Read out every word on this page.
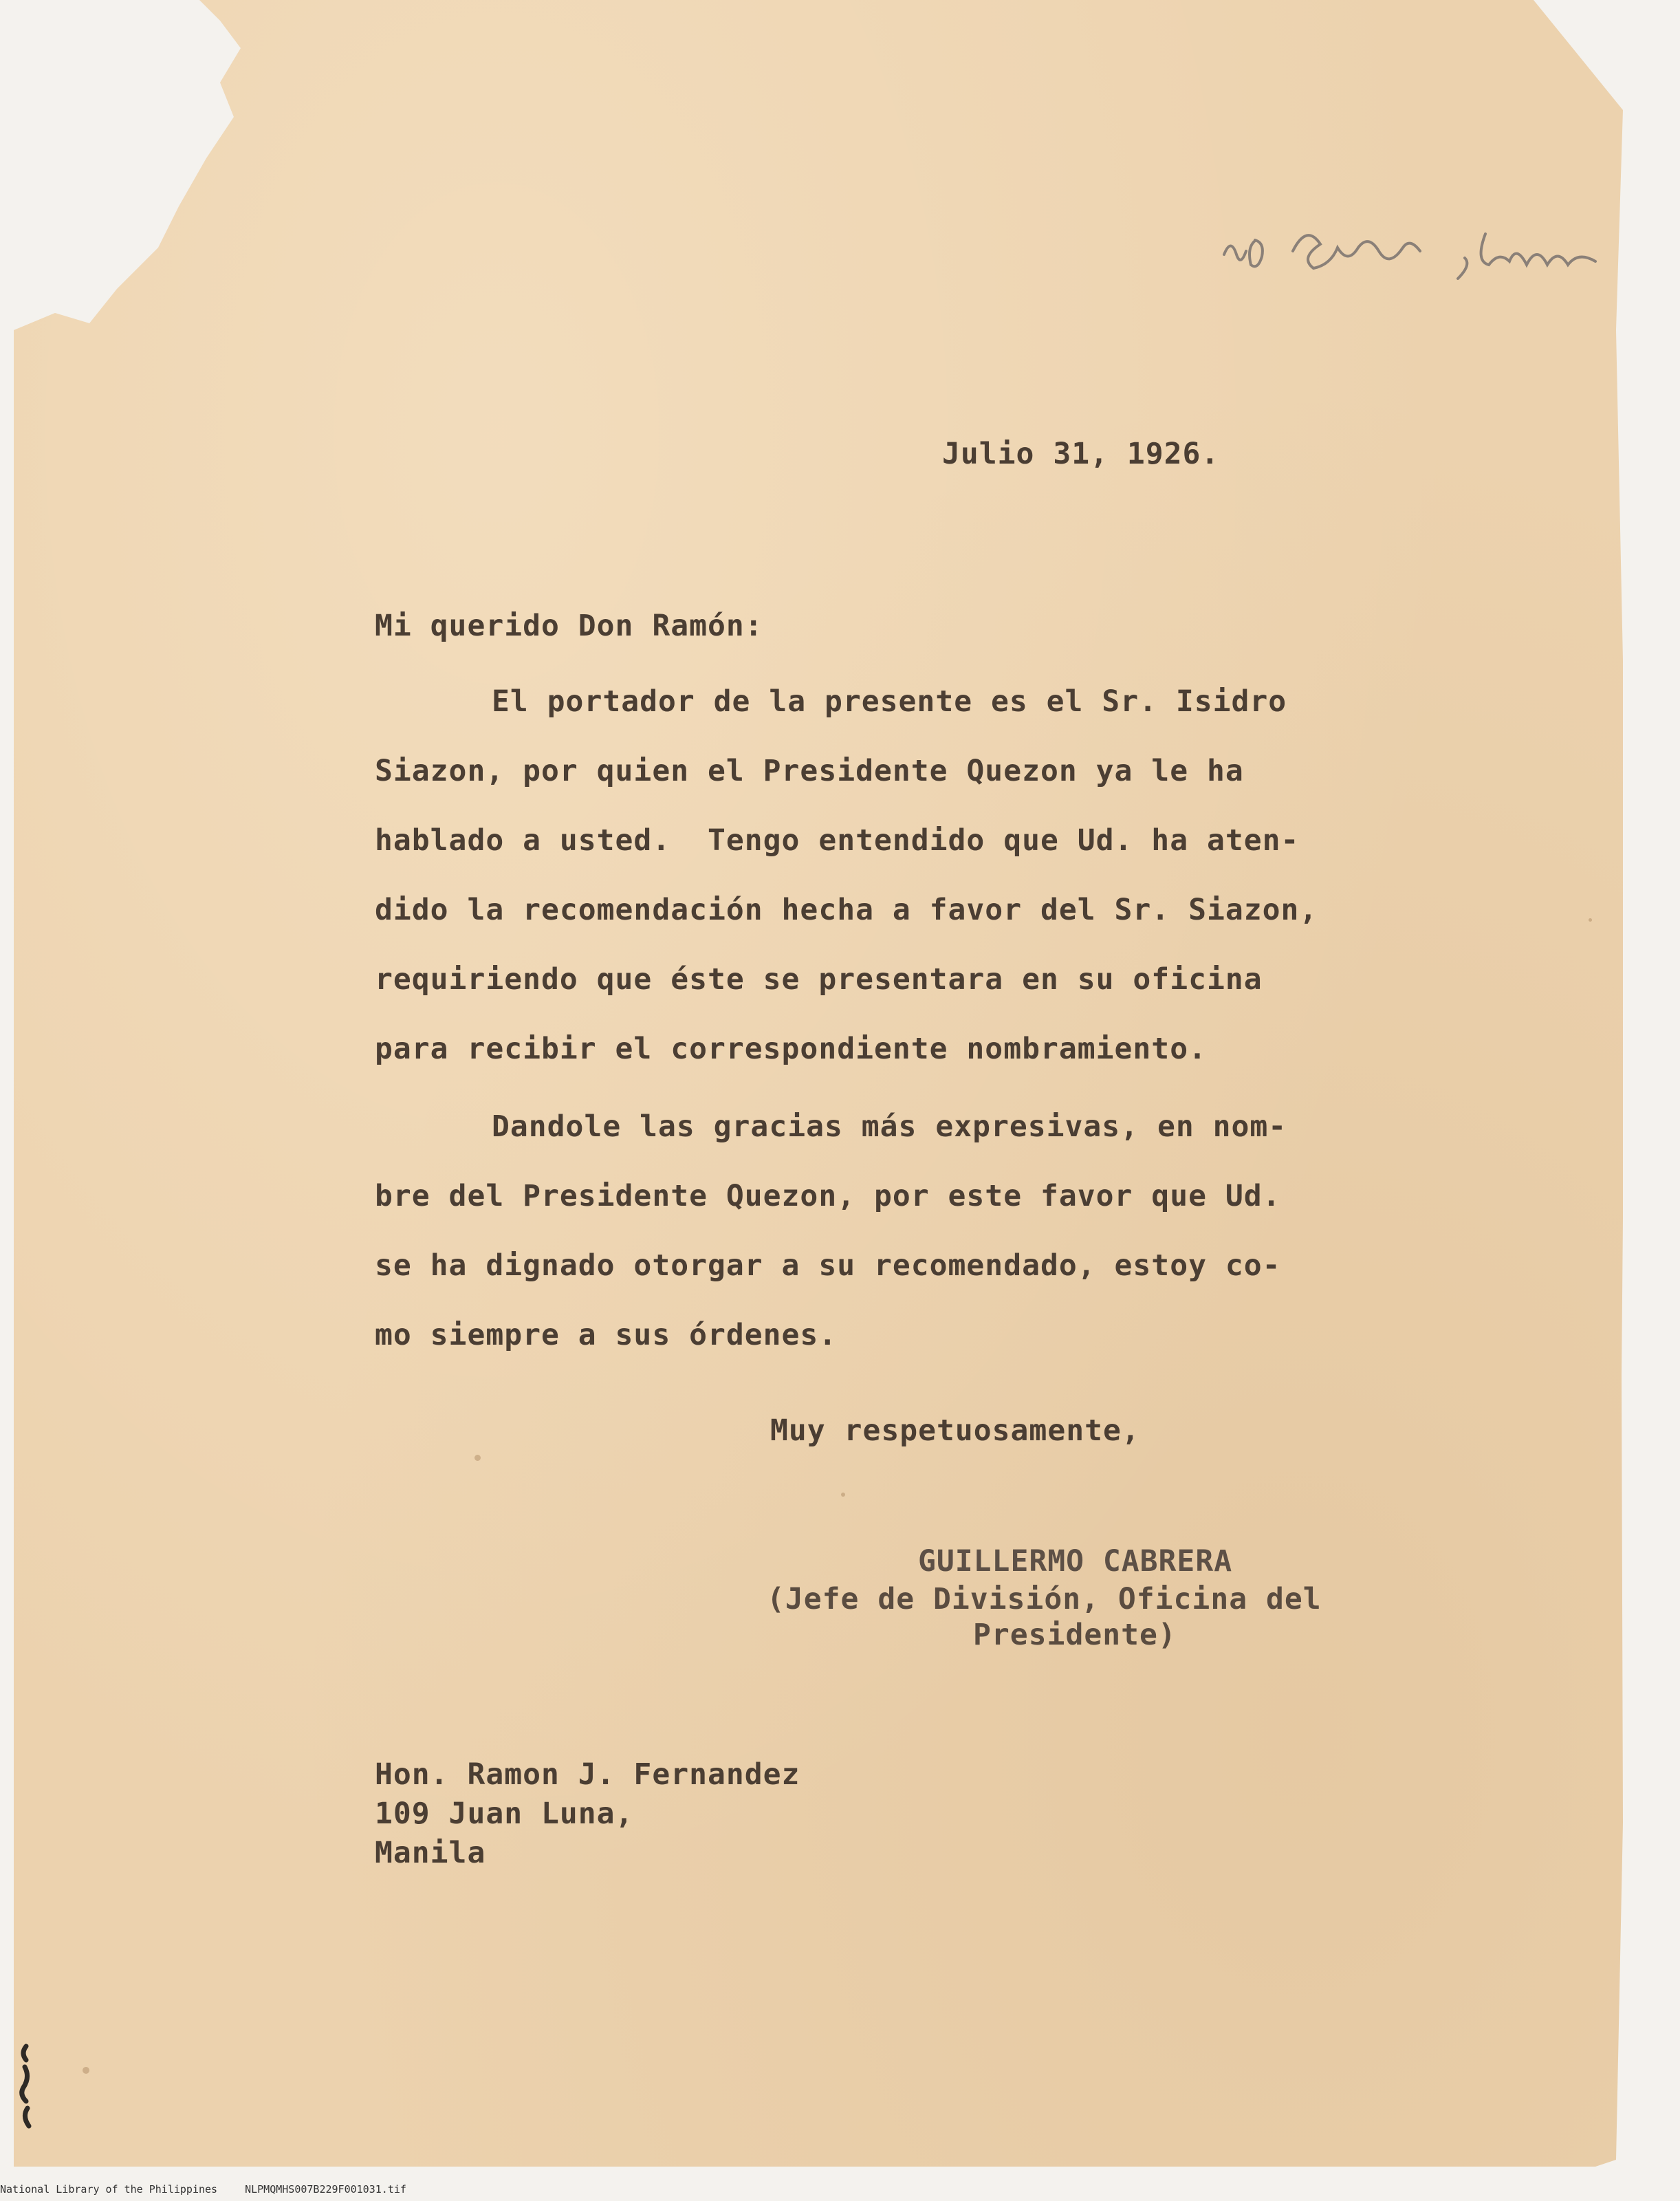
Julio 31, 1926.

Mi querido Don Ramón:

El portador de la presente es el Sr. Isidro
Siazon, por quien el Presidente Quezon ya le ha
hablado a usted.  Tengo entendido que Ud. ha aten-
dido la recomendación hecha a favor del Sr. Siazon,
requiriendo que éste se presentara en su oficina
para recibir el correspondiente nombramiento.
Dandole las gracias más expresivas, en nom-
bre del Presidente Quezon, por este favor que Ud.
se ha dignado otorgar a su recomendado, estoy co-
mo siempre a sus órdenes.

Muy respetuosamente,

GUILLERMO CABRERA

(Jefe de División, Oficina del

Presidente)

Hon. Ramon J. Fernandez

109 Juan Luna,

Manila

National Library of the Philippines	NLPMQMHS007B229F001031.tif
